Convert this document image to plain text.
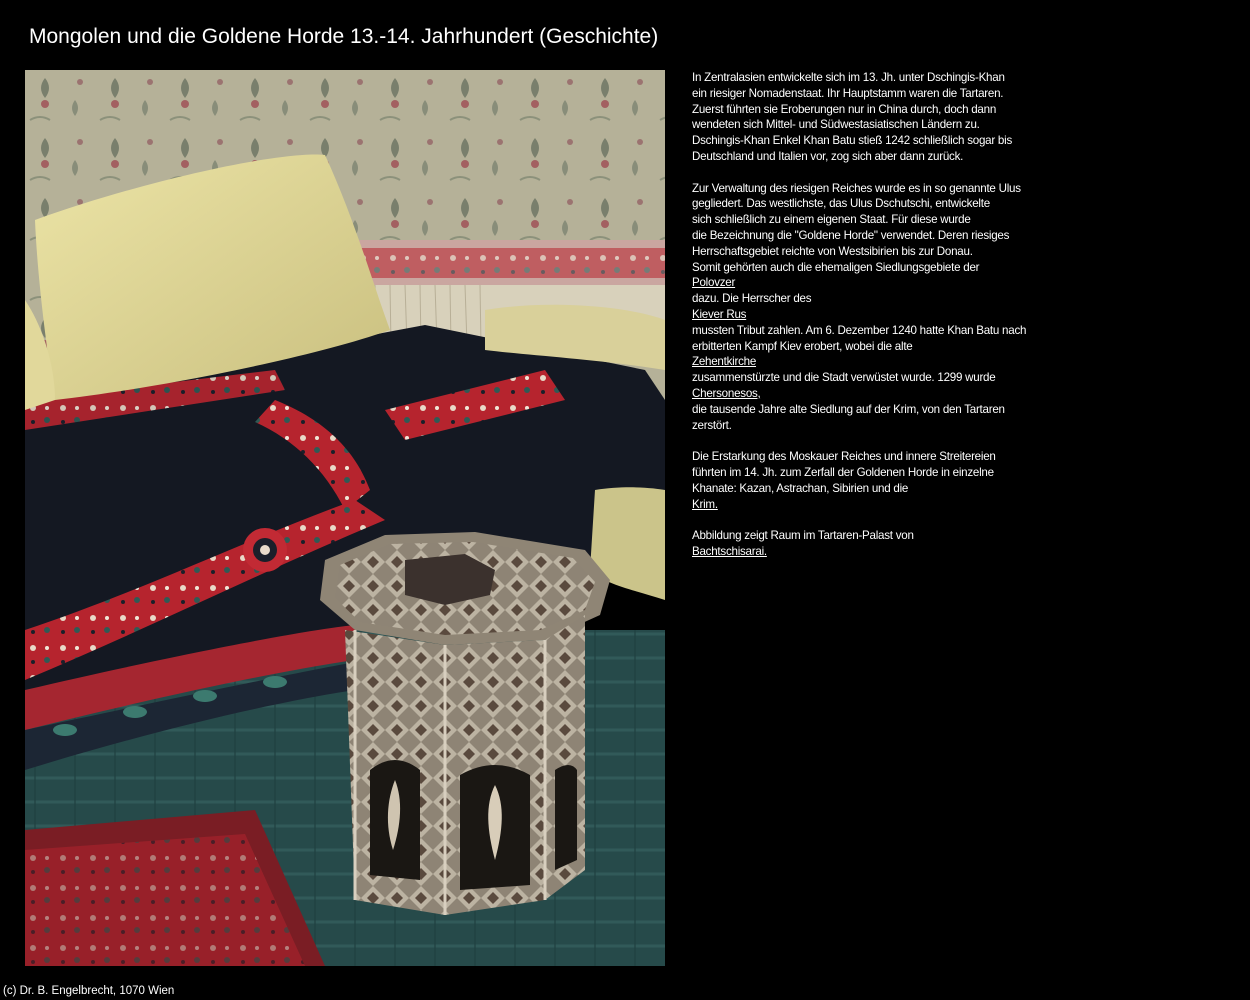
Mongolen und die Goldene Horde 13.-14. Jahrhundert (Geschichte)
In Zentralasien entwickelte sich im 13. Jh. unter Dschingis-Khan
ein riesiger Nomadenstaat. Ihr Hauptstamm waren die Tartaren.
Zuerst führten sie Eroberungen nur in China durch, doch dann
wendeten sich Mittel- und Südwestasiatischen Ländern zu.
Dschingis-Khan Enkel Khan Batu stieß 1242 schließlich sogar bis
Deutschland und Italien vor, zog sich aber dann zurück.
Zur Verwaltung des riesigen Reiches wurde es in so genannte Ulus
gegliedert. Das westlichste, das Ulus Dschutschi, entwickelte
sich schließlich zu einem eigenen Staat. Für diese wurde
die Bezeichnung die "Goldene Horde" verwendet. Deren riesiges
Herrschaftsgebiet reichte von Westsibirien bis zur Donau.
Somit gehörten auch die ehemaligen Siedlungsgebiete der
Polovzer
dazu. Die Herrscher des
Kiever Rus
mussten Tribut zahlen. Am 6. Dezember 1240 hatte Khan Batu nach
erbitterten Kampf Kiev erobert, wobei die alte
Zehentkirche
zusammenstürzte und die Stadt verwüstet wurde. 1299 wurde
Chersonesos,
die tausende Jahre alte Siedlung auf der Krim, von den Tartaren
zerstört.
Die Erstarkung des Moskauer Reiches und innere Streitereien
führten im 14. Jh. zum Zerfall der Goldenen Horde in einzelne
Khanate: Kazan, Astrachan, Sibirien und die
Krim.
Abbildung zeigt Raum im Tartaren-Palast von
Bachtschisarai.
(c) Dr. B. Engelbrecht, 1070 Wien
